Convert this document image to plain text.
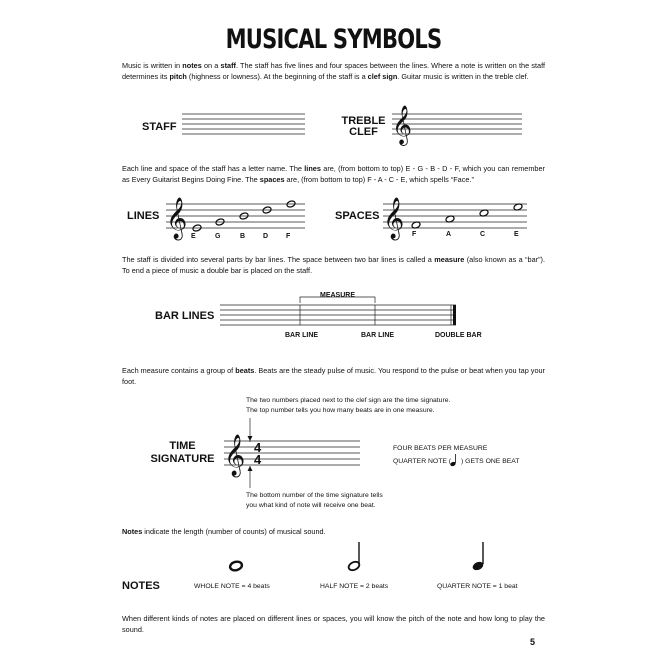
MUSICAL SYMBOLS
Music is written in notes on a staff. The staff has five lines and four spaces between the lines. Where a note is written on the staff determines its pitch (highness or lowness). At the beginning of the staff is a clef sign. Guitar music is written in the treble clef.
STAFF	TREBLE
CLEF
Each line and space of the staff has a letter name. The lines are, (from bottom to top) E - G - B - D - F, which you can remember as Every Guitarist Begins Doing Fine. The spaces are, (from bottom to top) F - A - C - E, which spells “Face.”
LINES	SPACES
E	G	B	D	F	F	A	C	E
The staff is divided into several parts by bar lines. The space between two bar lines is called a measure (also known as a “bar”). To end a piece of music a double bar is placed on the staff.
MEASURE
BAR LINES
BAR LINE	BAR LINE	DOUBLE BAR
Each measure contains a group of beats. Beats are the steady pulse of music. You respond to the pulse or beat when you tap your foot.
The two numbers placed next to the clef sign are the time signature.
The top number tells you how many beats are in one measure.
TIME
SIGNATURE
FOUR BEATS PER MEASURE
QUARTER NOTE ( ) GETS ONE BEAT
The bottom number of the time signature tells
you what kind of note will receive one beat.
Notes indicate the length (number of counts) of musical sound.
NOTES	WHOLE NOTE = 4 beats	HALF NOTE = 2 beats	QUARTER NOTE = 1 beat
When different kinds of notes are placed on different lines or spaces, you will know the pitch of the note and how long to play the sound.
5
𝄞
𝄞	𝄞
𝄞 4
4
